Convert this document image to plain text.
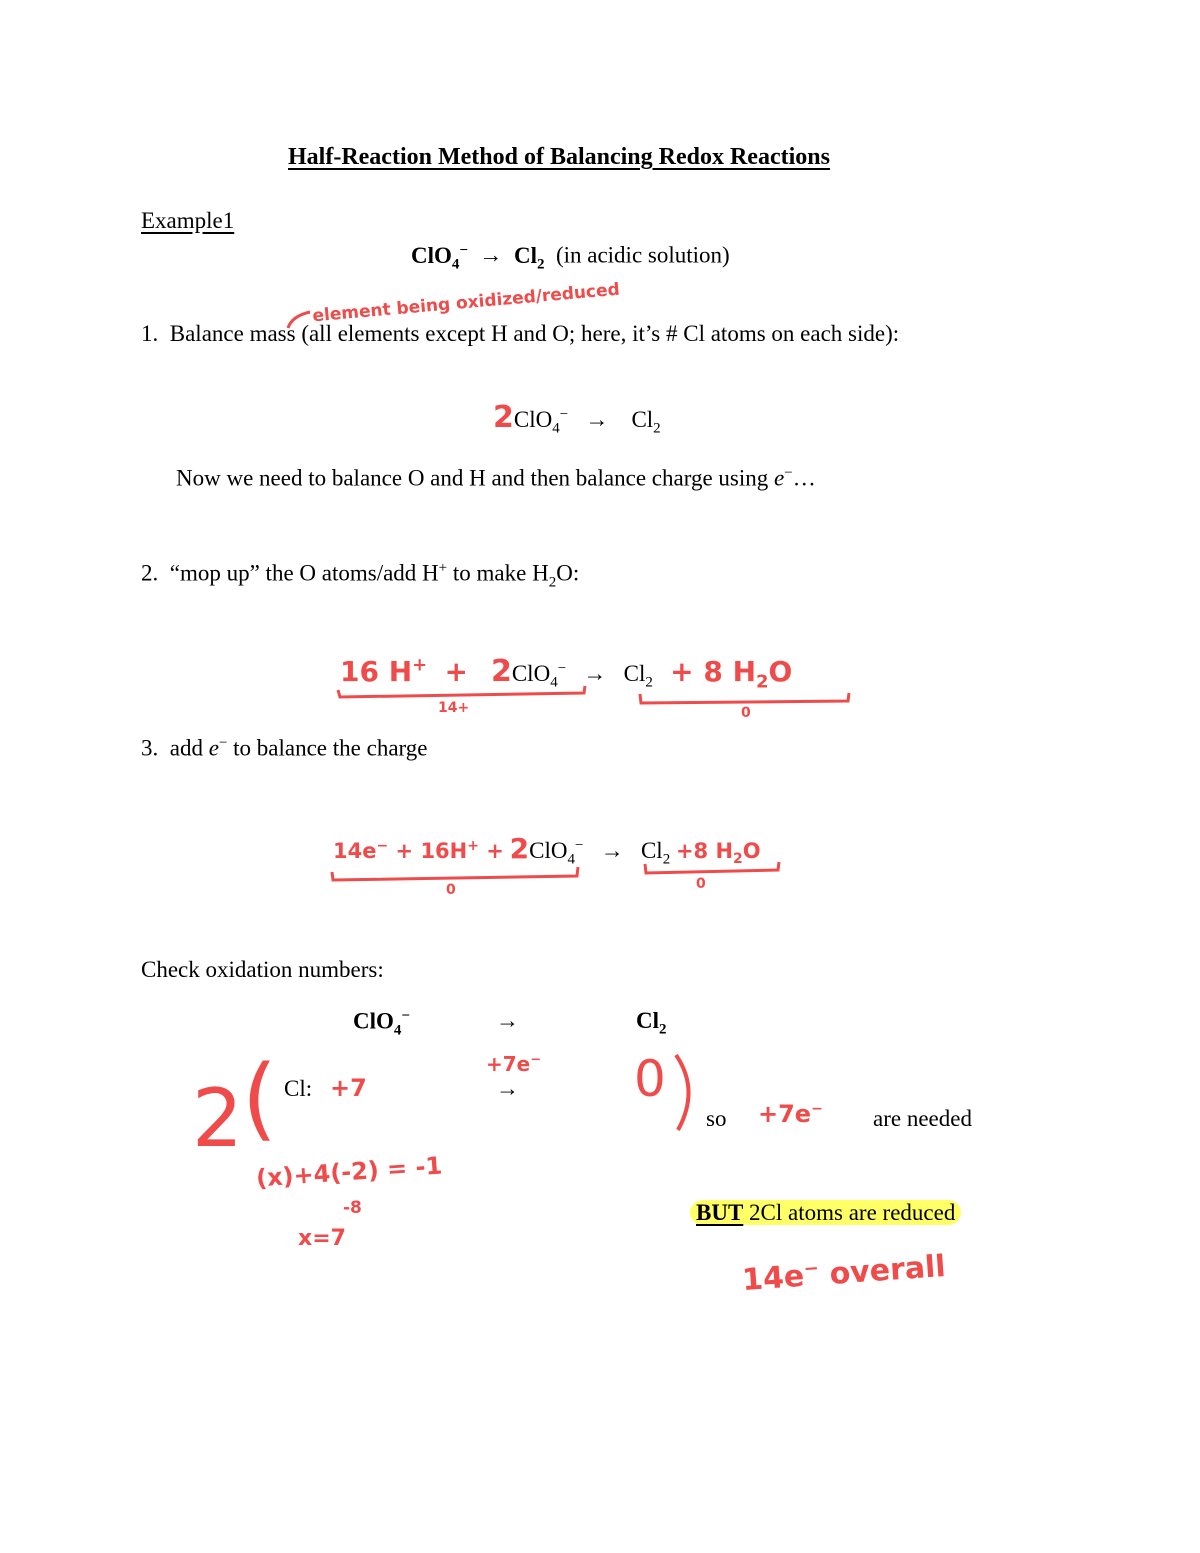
Half-Reaction Method of Balancing Redox Reactions
Example1
$ClO_4^- \to Cl_2$ (in acidic solution)
element being oxidized/reduced
1. Balance mass (all elements except H and O; here, it’s # Cl atoms on each side):
$2ClO_4^- \to Cl_2$
Now we need to balance O and H and then balance charge using e−…
2. “mop up” the O atoms/add H+ to make $H_2O$:
16 $H^+ + 2ClO_4^- \to Cl_2 + 8$ $H_2O$
14+	0
3. add e− to balance the charge
$14e^- + 16H^+ + 2ClO_4^- \to Cl_2 +8$ $H_2O$
0	0
Check oxidation numbers:
ClO$_4$−	→	$Cl_2$
2 ( Cl: +7
+7e−
→ 0
so +7e− are needed
(x)+4(-2) = -1
-8
x=7
BUT 2Cl atoms are reduced
14e− overall
